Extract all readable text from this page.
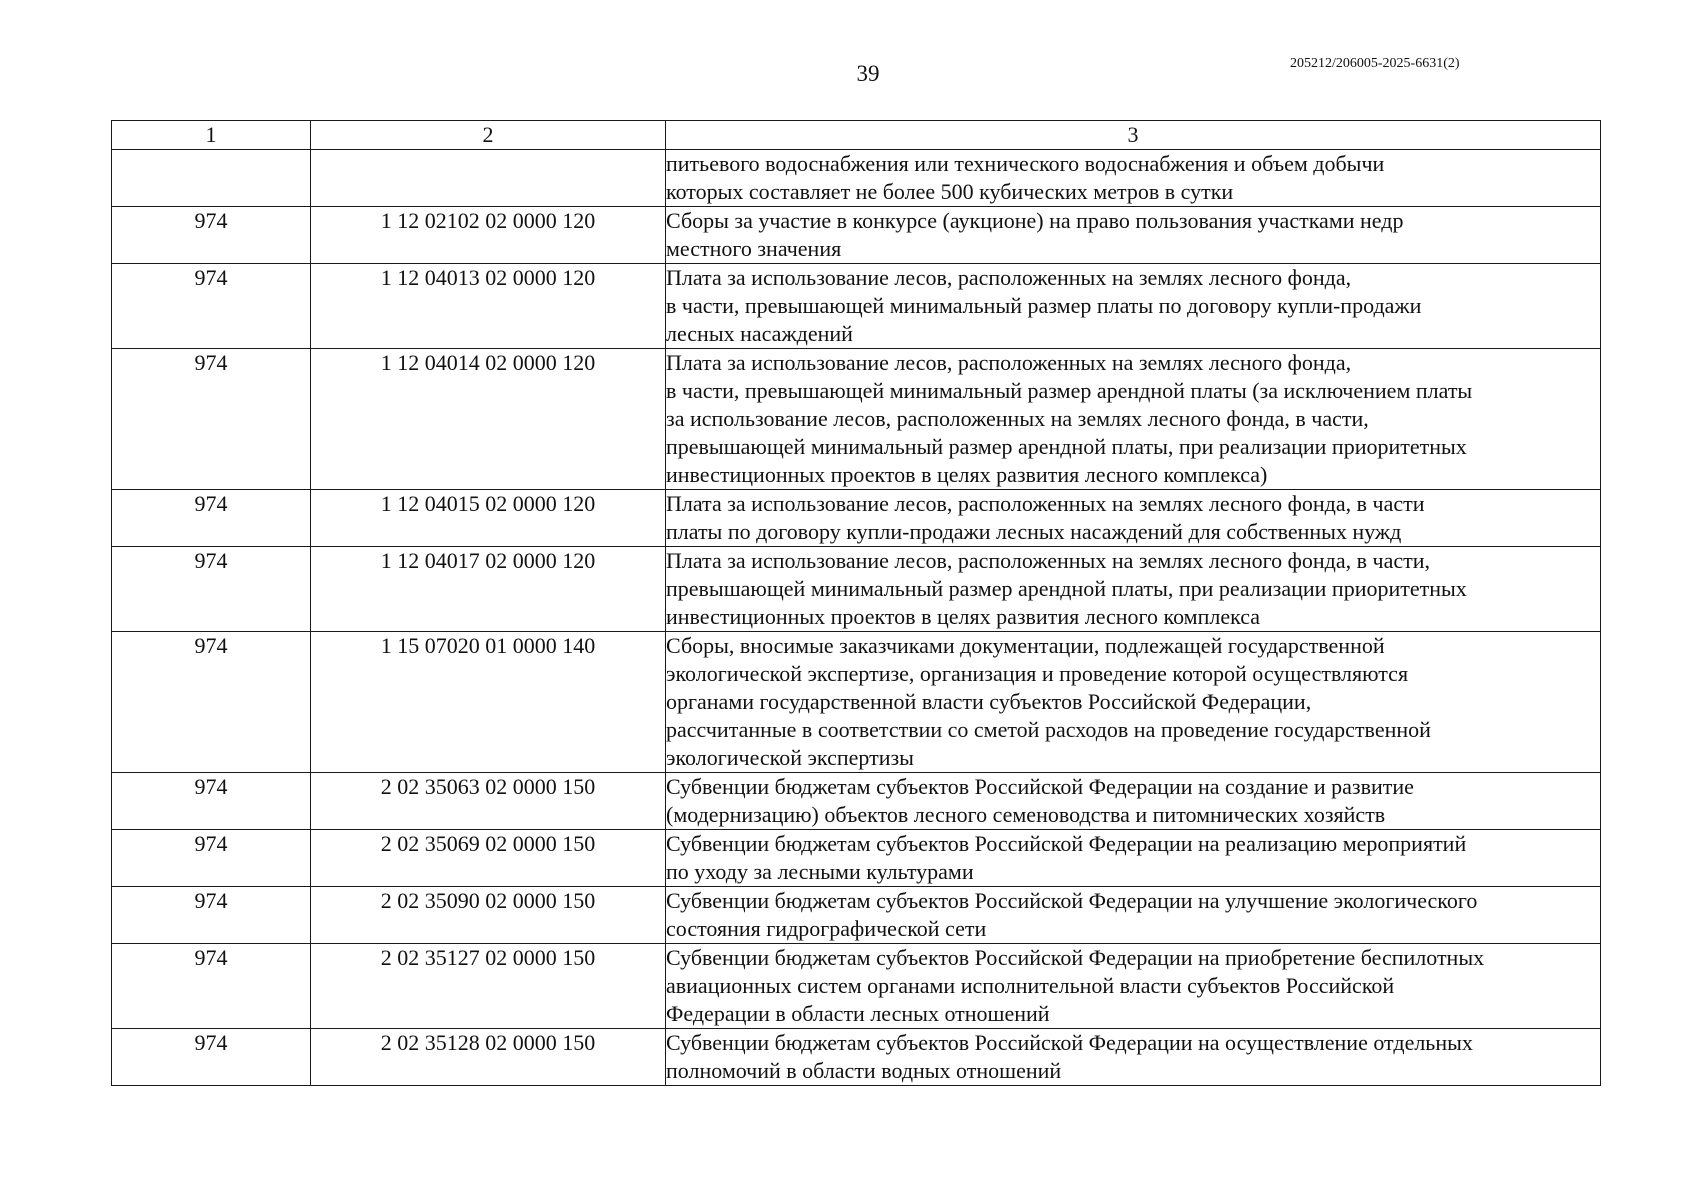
39	205212/206005-2025-6631(2)
1	2	3

		питьевого водоснабжения или технического водоснабжения и объем добычи
которых составляет не более 500 кубических метров в сутки

974	1 12 02102 02 0000 120	Сборы за участие в конкурсе (аукционе) на право пользования участками недр
местного значения

974	1 12 04013 02 0000 120	Плата за использование лесов, расположенных на землях лесного фонда,
в части, превышающей минимальный размер платы по договору купли-продажи
лесных насаждений

974	1 12 04014 02 0000 120	Плата за использование лесов, расположенных на землях лесного фонда,
в части, превышающей минимальный размер арендной платы (за исключением платы
за использование лесов, расположенных на землях лесного фонда, в части,
превышающей минимальный размер арендной платы, при реализации приоритетных
инвестиционных проектов в целях развития лесного комплекса)

974	1 12 04015 02 0000 120	Плата за использование лесов, расположенных на землях лесного фонда, в части
платы по договору купли-продажи лесных насаждений для собственных нужд

974	1 12 04017 02 0000 120	Плата за использование лесов, расположенных на землях лесного фонда, в части,
превышающей минимальный размер арендной платы, при реализации приоритетных
инвестиционных проектов в целях развития лесного комплекса

974	1 15 07020 01 0000 140	Сборы, вносимые заказчиками документации, подлежащей государственной
экологической экспертизе, организация и проведение которой осуществляются
органами государственной власти субъектов Российской Федерации,
рассчитанные в соответствии со сметой расходов на проведение государственной
экологической экспертизы

974	2 02 35063 02 0000 150	Субвенции бюджетам субъектов Российской Федерации на создание и развитие
(модернизацию) объектов лесного семеноводства и питомнических хозяйств

974	2 02 35069 02 0000 150	Субвенции бюджетам субъектов Российской Федерации на реализацию мероприятий
по уходу за лесными культурами

974	2 02 35090 02 0000 150	Субвенции бюджетам субъектов Российской Федерации на улучшение экологического
состояния гидрографической сети

974	2 02 35127 02 0000 150	Субвенции бюджетам субъектов Российской Федерации на приобретение беспилотных
авиационных систем органами исполнительной власти субъектов Российской
Федерации в области лесных отношений

974	2 02 35128 02 0000 150	Субвенции бюджетам субъектов Российской Федерации на осуществление отдельных
полномочий в области водных отношений
